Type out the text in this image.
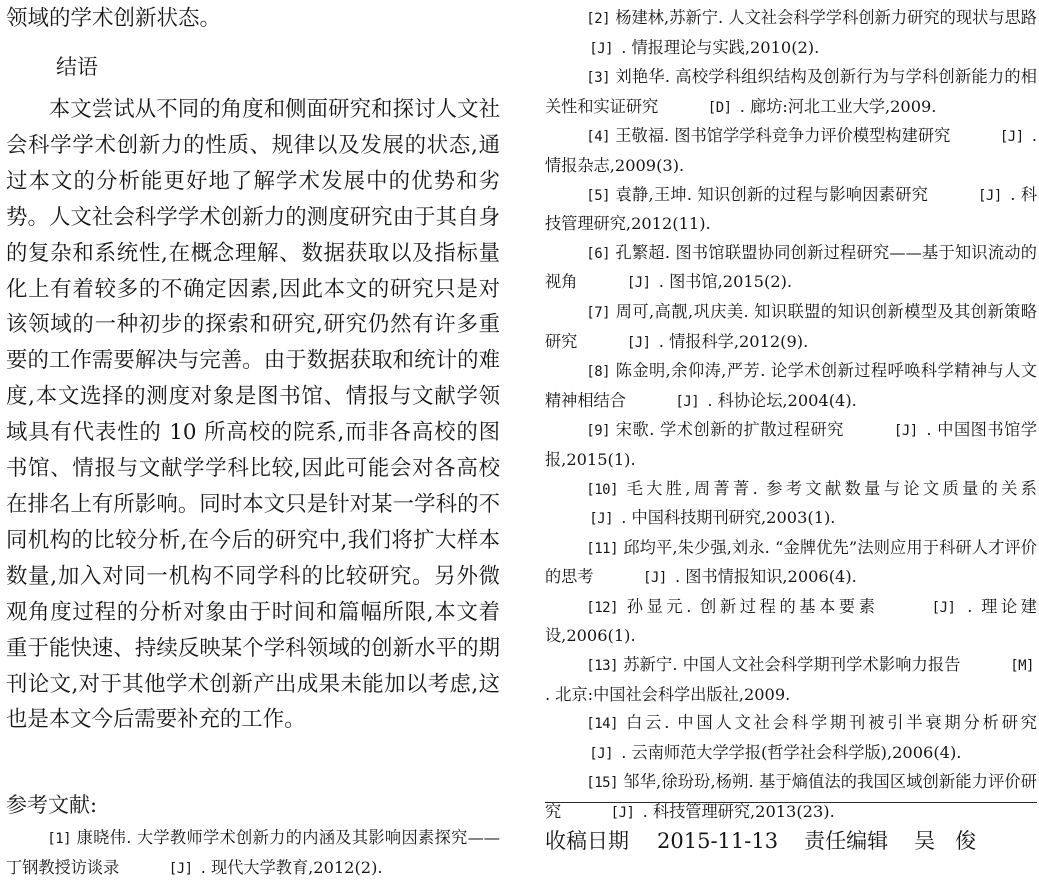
领域的学术创新状态。
结语
本文尝试从不同的角度和侧面研究和探讨人文社会科学学术创新力的性质、规律以及发展的状态,通过本文的分析能更好地了解学术发展中的优势和劣势。人文社会科学学术创新力的测度研究由于其自身的复杂和系统性,在概念理解、数据获取以及指标量化上有着较多的不确定因素,因此本文的研究只是对该领域的一种初步的探索和研究,研究仍然有许多重要的工作需要解决与完善。由于数据获取和统计的难度,本文选择的测度对象是图书馆、情报与文献学领域具有代表性的 10 所高校的院系,而非各高校的图书馆、情报与文献学学科比较,因此可能会对各高校在排名上有所影响。同时本文只是针对某一学科的不同机构的比较分析,在今后的研究中,我们将扩大样本数量,加入对同一机构不同学科的比较研究。另外微观角度过程的分析对象由于时间和篇幅所限,本文着重于能快速、持续反映某个学科领域的创新水平的期刊论文,对于其他学术创新产出成果未能加以考虑,这也是本文今后需要补充的工作。
参考文献:
[1] 康晓伟. 大学教师学术创新力的内涵及其影响因素探究——丁钢教授访谈录	[J] . 现代大学教育,2012(2).
[2] 杨建林,苏新宁. 人文社会科学学科创新力研究的现状与思路 [J] . 情报理论与实践,2010(2).
[3] 刘艳华. 高校学科组织结构及创新行为与学科创新能力的相关性和实证研究	[D] . 廊坊:河北工业大学,2009.
[4] 王敬福. 图书馆学学科竞争力评价模型构建研究	[J] . 情报杂志,2009(3).
[5] 袁静,王坤. 知识创新的过程与影响因素研究	[J] . 科技管理研究,2012(11).
[6] 孔繁超. 图书馆联盟协同创新过程研究——基于知识流动的视角	[J] . 图书馆,2015(2).
[7] 周可,高靓,巩庆美. 知识联盟的知识创新模型及其创新策略研究	[J] . 情报科学,2012(9).
[8] 陈金明,余仰涛,严芳. 论学术创新过程呼唤科学精神与人文精神相结合	[J] . 科协论坛,2004(4).
[9] 宋歌. 学术创新的扩散过程研究	[J] . 中国图书馆学报,2015(1).
[10] 毛大胜,周菁菁. 参考文献数量与论文质量的关系 [J] . 中国科技期刊研究,2003(1).
[11] 邱均平,朱少强,刘永. “金牌优先”法则应用于科研人才评价的思考	[J] . 图书情报知识,2006(4).
[12] 孙显元. 创新过程的基本要素	[J] . 理论建设,2006(1).
[13] 苏新宁. 中国人文社会科学期刊学术影响力报告	[M] . 北京:中国社会科学出版社,2009.
[14] 白云. 中国人文社会科学期刊被引半衰期分析研究 [J] . 云南师范大学学报(哲学社会科学版),2006(4).
[15] 邹华,徐玢玢,杨朔. 基于熵值法的我国区域创新能力评价研究	[J] . 科技管理研究,2013(23).
收稿日期 2015-11-13 责任编辑 吴 俊
